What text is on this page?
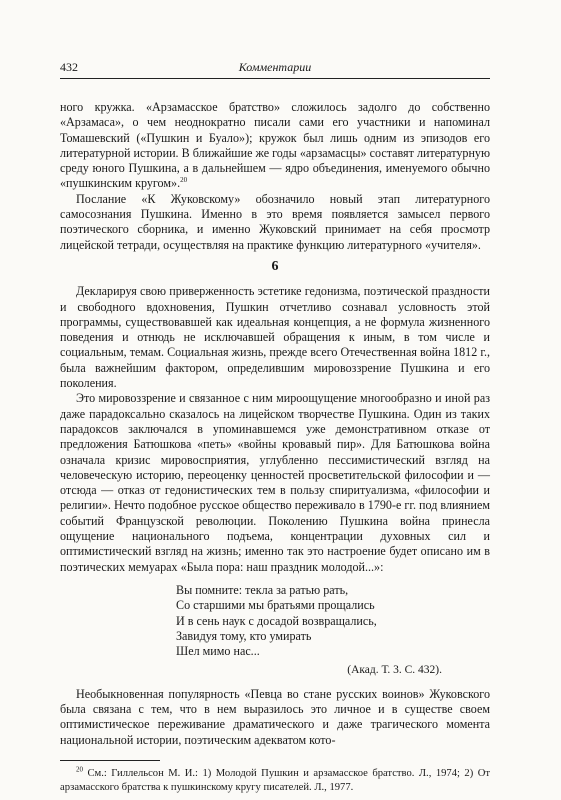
432	Комментарии

ного кружка. «Арзамасское братство» сложилось задолго до собственно «Арзамаса», о чем неоднократно писали сами его участники и напоминал Томашевский («Пушкин и Буало»); кружок был лишь одним из эпизодов его литературной истории. В ближайшие же годы «арзамасцы» составят литературную среду юного Пушкина, а в дальнейшем — ядро объединения, именуемого обычно «пушкинским кругом».$^{20}$

Послание «К Жуковскому» обозначило новый этап литературного самосознания Пушкина. Именно в это время появляется замысел первого поэтического сборника, и именно Жуковский принимает на себя просмотр лицейской тетради, осуществляя на практике функцию литературного «учителя».

6

Декларируя свою приверженность эстетике гедонизма, поэтической праздности и свободного вдохновения, Пушкин отчетливо сознавал условность этой программы, существовавшей как идеальная концепция, а не формула жизненного поведения и отнюдь не исключавшей обращения к иным, в том числе и социальным, темам. Социальная жизнь, прежде всего Отечественная война 1812 г., была важнейшим фактором, определившим мировоззрение Пушкина и его поколения.

Это мировоззрение и связанное с ним мироощущение многообразно и иной раз даже парадоксально сказалось на лицейском творчестве Пушкина. Один из таких парадоксов заключался в упоминавшемся уже демонстративном отказе от предложения Батюшкова «петь» «войны кровавый пир». Для Батюшкова война означала кризис мировосприятия, углубленно пессимистический взгляд на человеческую историю, переоценку ценностей просветительской философии и — отсюда — отказ от гедонистических тем в пользу спиритуализма, «философии и религии». Нечто подобное русское общество переживало в 1790-е гг. под влиянием событий Французской революции. Поколению Пушкина война принесла ощущение национального подъема, концентрации духовных сил и оптимистический взгляд на жизнь; именно так это настроение будет описано им в поэтических мемуарах «Была пора: наш праздник молодой...»:

Вы помните: текла за ратью рать,
Со старшими мы братьями прощались
И в сень наук с досадой возвращались,
Завидуя тому, кто умирать
Шел мимо нас...
(Акад. Т. 3. С. 432).

Необыкновенная популярность «Певца во стане русских воинов» Жуковского была связана с тем, что в нем выразилось это личное и в существе своем оптимистическое переживание драматического и даже трагического момента национальной истории, поэтическим адекватом кото-

$^{20}$ См.: Гиллельсон М. И.: 1) Молодой Пушкин и арзамасское братство. Л., 1974; 2) От арзамасского братства к пушкинскому кругу писателей. Л., 1977.
